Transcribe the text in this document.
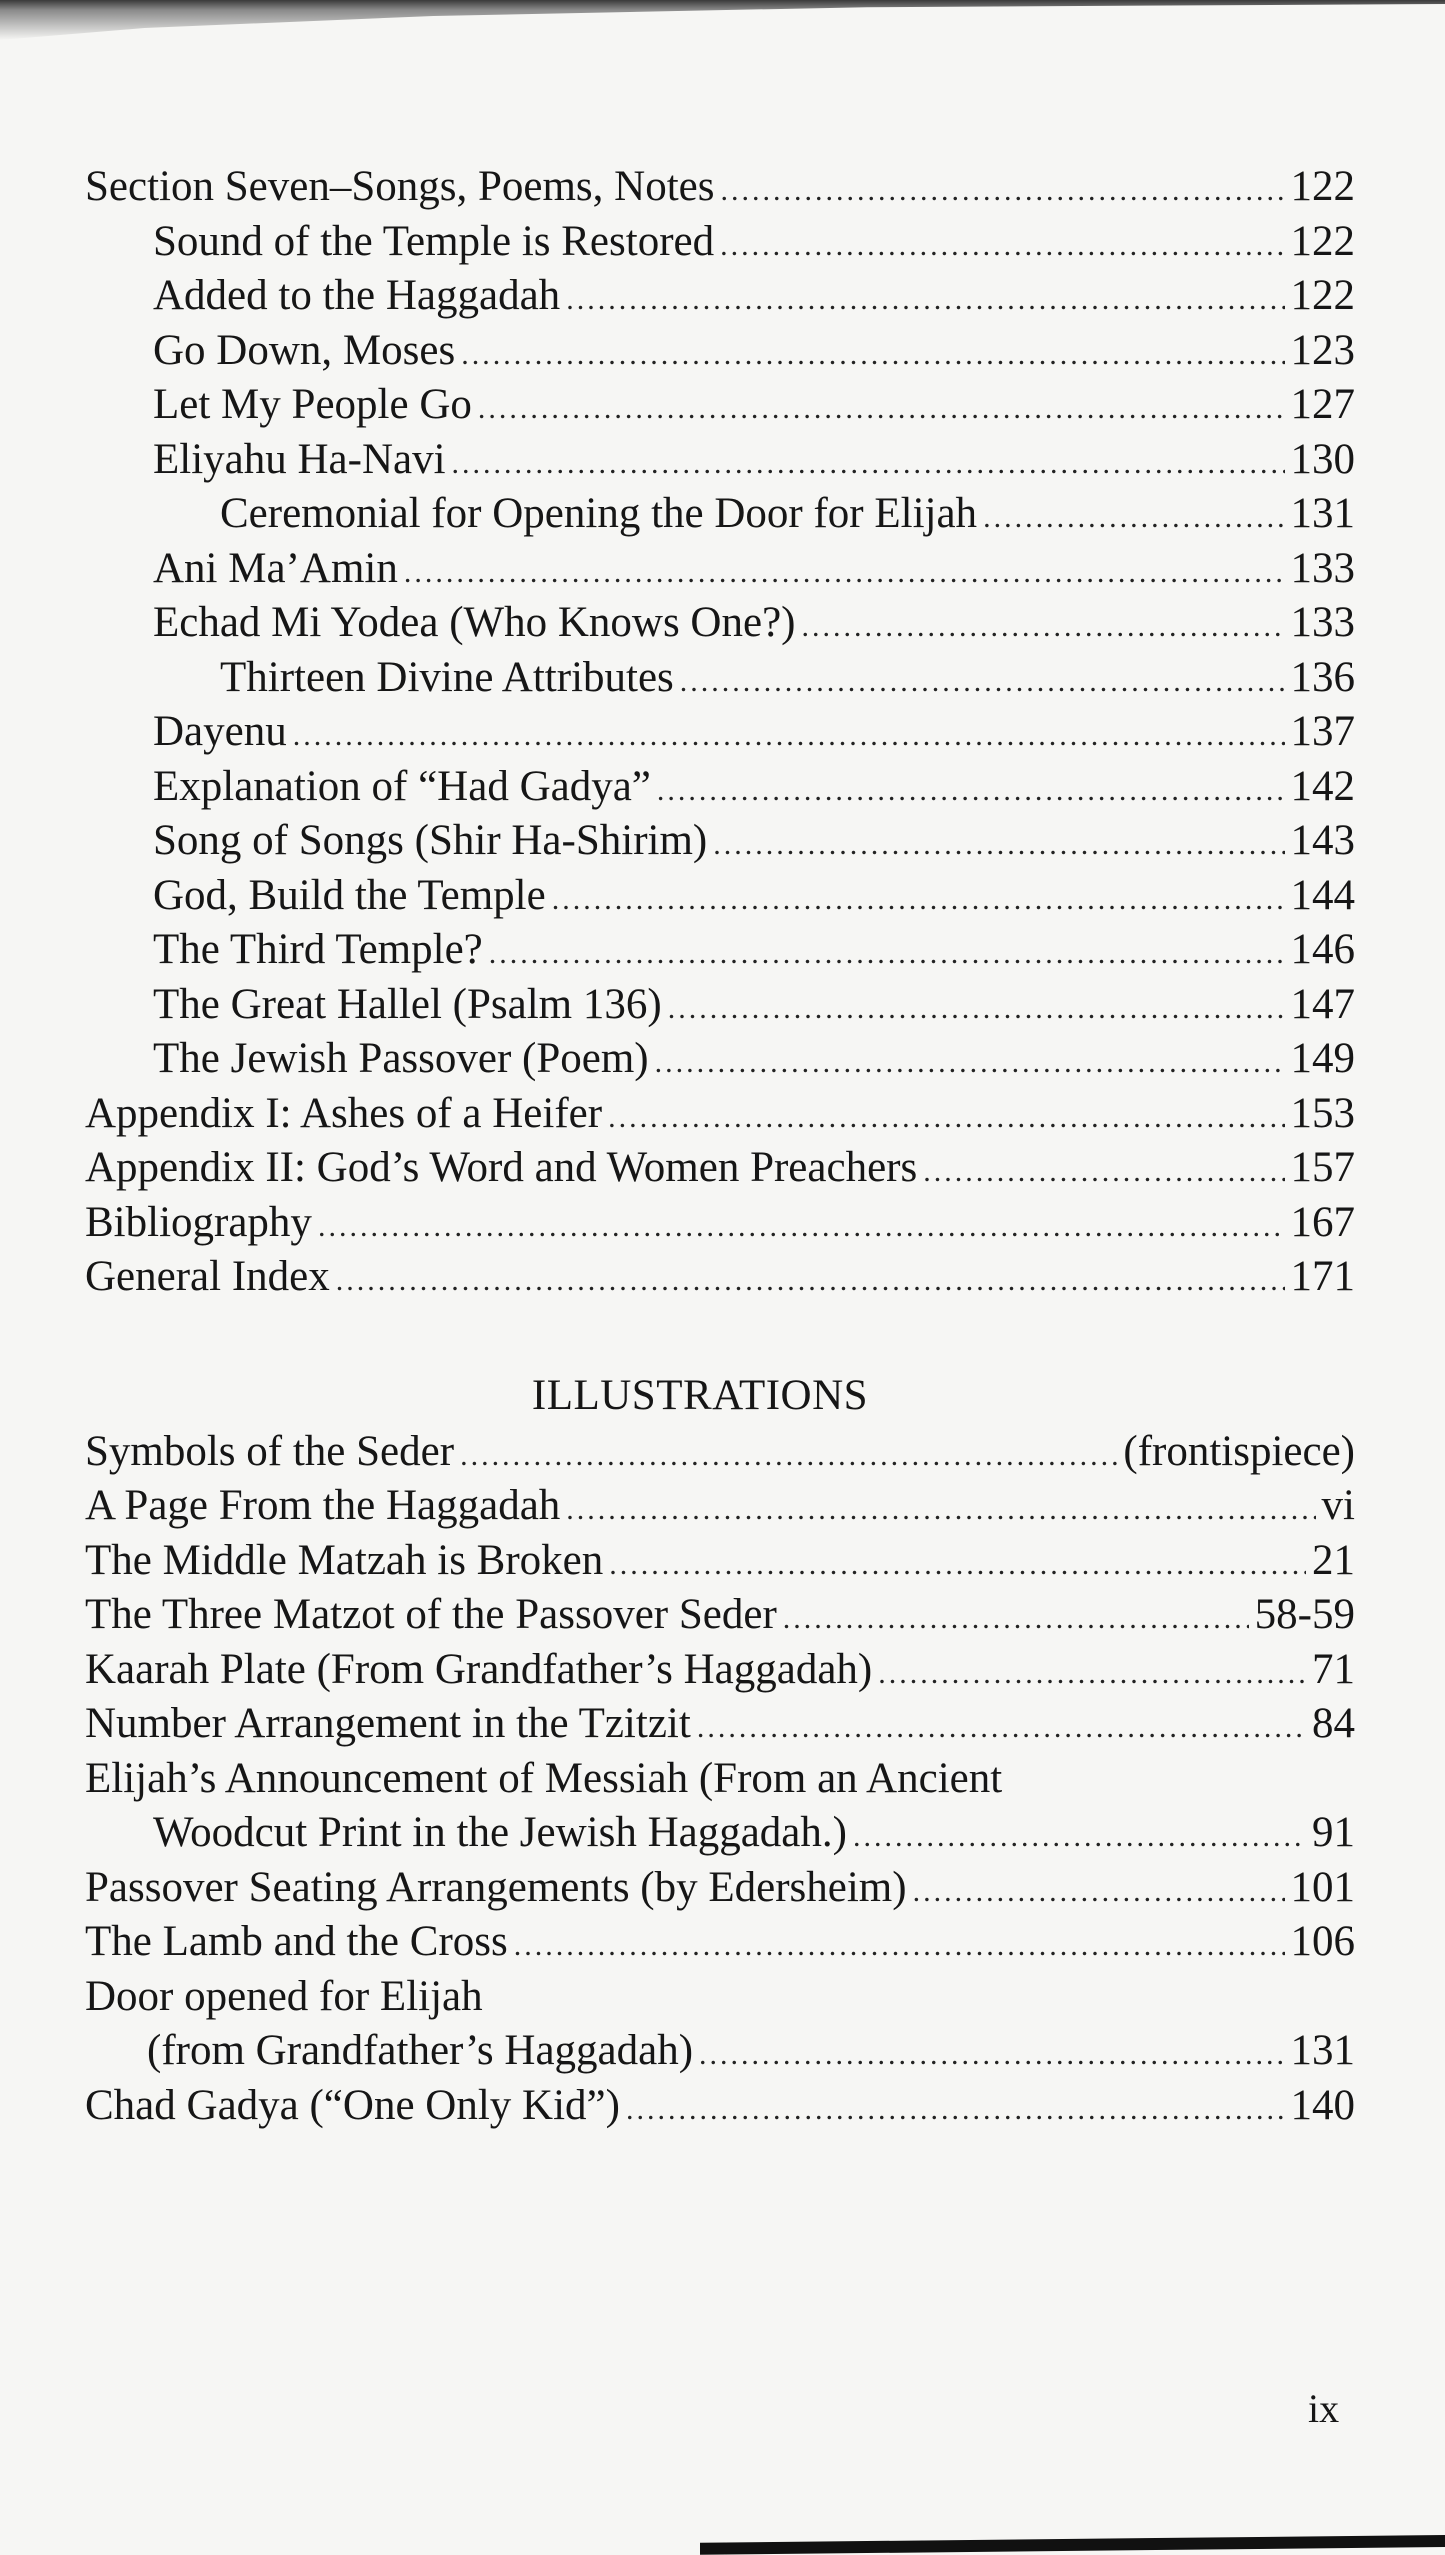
Section Seven–Songs, Poems, Notes .....	122
Sound of the Temple is Restored .....	122
Added to the Haggadah .....	122
Go Down, Moses .....	123
Let My People Go .....	127
Eliyahu Ha-Navi .....	130
Ceremonial for Opening the Door for Elijah .....	131
Ani Ma’Amin .....	133
Echad Mi Yodea (Who Knows One?) .....	133
Thirteen Divine Attributes .....	136
Dayenu .....	137
Explanation of “Had Gadya” .....	142
Song of Songs (Shir Ha-Shirim) .....	143
God, Build the Temple .....	144
The Third Temple? .....	146
The Great Hallel (Psalm 136) .....	147
The Jewish Passover (Poem) .....	149
Appendix I: Ashes of a Heifer .....	153
Appendix II: God’s Word and Women Preachers .....	157
Bibliography .....	167
General Index .....	171
ILLUSTRATIONS
Symbols of the Seder .....	(frontispiece)
A Page From the Haggadah .....	vi
The Middle Matzah is Broken .....	21
The Three Matzot of the Passover Seder .....	58-59
Kaarah Plate (From Grandfather’s Haggadah) .....	71
Number Arrangement in the Tzitzit .....	84
Elijah’s Announcement of Messiah (From an Ancient
Woodcut Print in the Jewish Haggadah.) .....	91
Passover Seating Arrangements (by Edersheim) .....	101
The Lamb and the Cross .....	106
Door opened for Elijah
(from Grandfather’s Haggadah) .....	131
Chad Gadya (“One Only Kid”) .....	140
ix
